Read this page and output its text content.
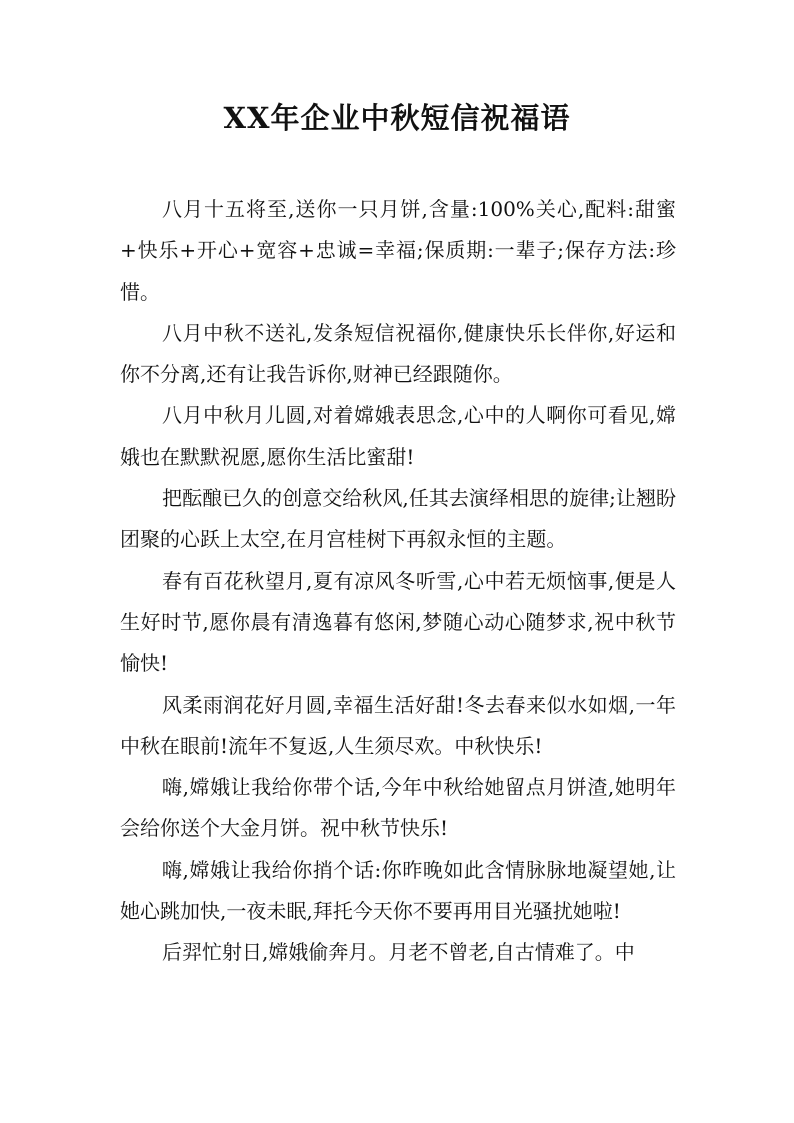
XX年企业中秋短信祝福语

八月十五将至,送你一只月饼,含量:100%关心,配料:甜蜜+快乐+开心+宽容+忠诚=幸福;保质期:一辈子;保存方法:珍惜。

八月中秋不送礼,发条短信祝福你,健康快乐长伴你,好运和你不分离,还有让我告诉你,财神已经跟随你。

八月中秋月儿圆,对着嫦娥表思念,心中的人啊你可看见,嫦娥也在默默祝愿,愿你生活比蜜甜!

把酝酿已久的创意交给秋风,任其去演绎相思的旋律;让翘盼团聚的心跃上太空,在月宫桂树下再叙永恒的主题。

春有百花秋望月,夏有凉风冬听雪,心中若无烦恼事,便是人生好时节,愿你晨有清逸暮有悠闲,梦随心动心随梦求,祝中秋节愉快!

风柔雨润花好月圆,幸福生活好甜!冬去春来似水如烟,一年中秋在眼前!流年不复返,人生须尽欢。中秋快乐!

嗨,嫦娥让我给你带个话,今年中秋给她留点月饼渣,她明年会给你送个大金月饼。祝中秋节快乐!

嗨,嫦娥让我给你捎个话:你昨晚如此含情脉脉地凝望她,让她心跳加快,一夜未眠,拜托今天你不要再用目光骚扰她啦!

后羿忙射日,嫦娥偷奔月。月老不曾老,自古情难了。中
